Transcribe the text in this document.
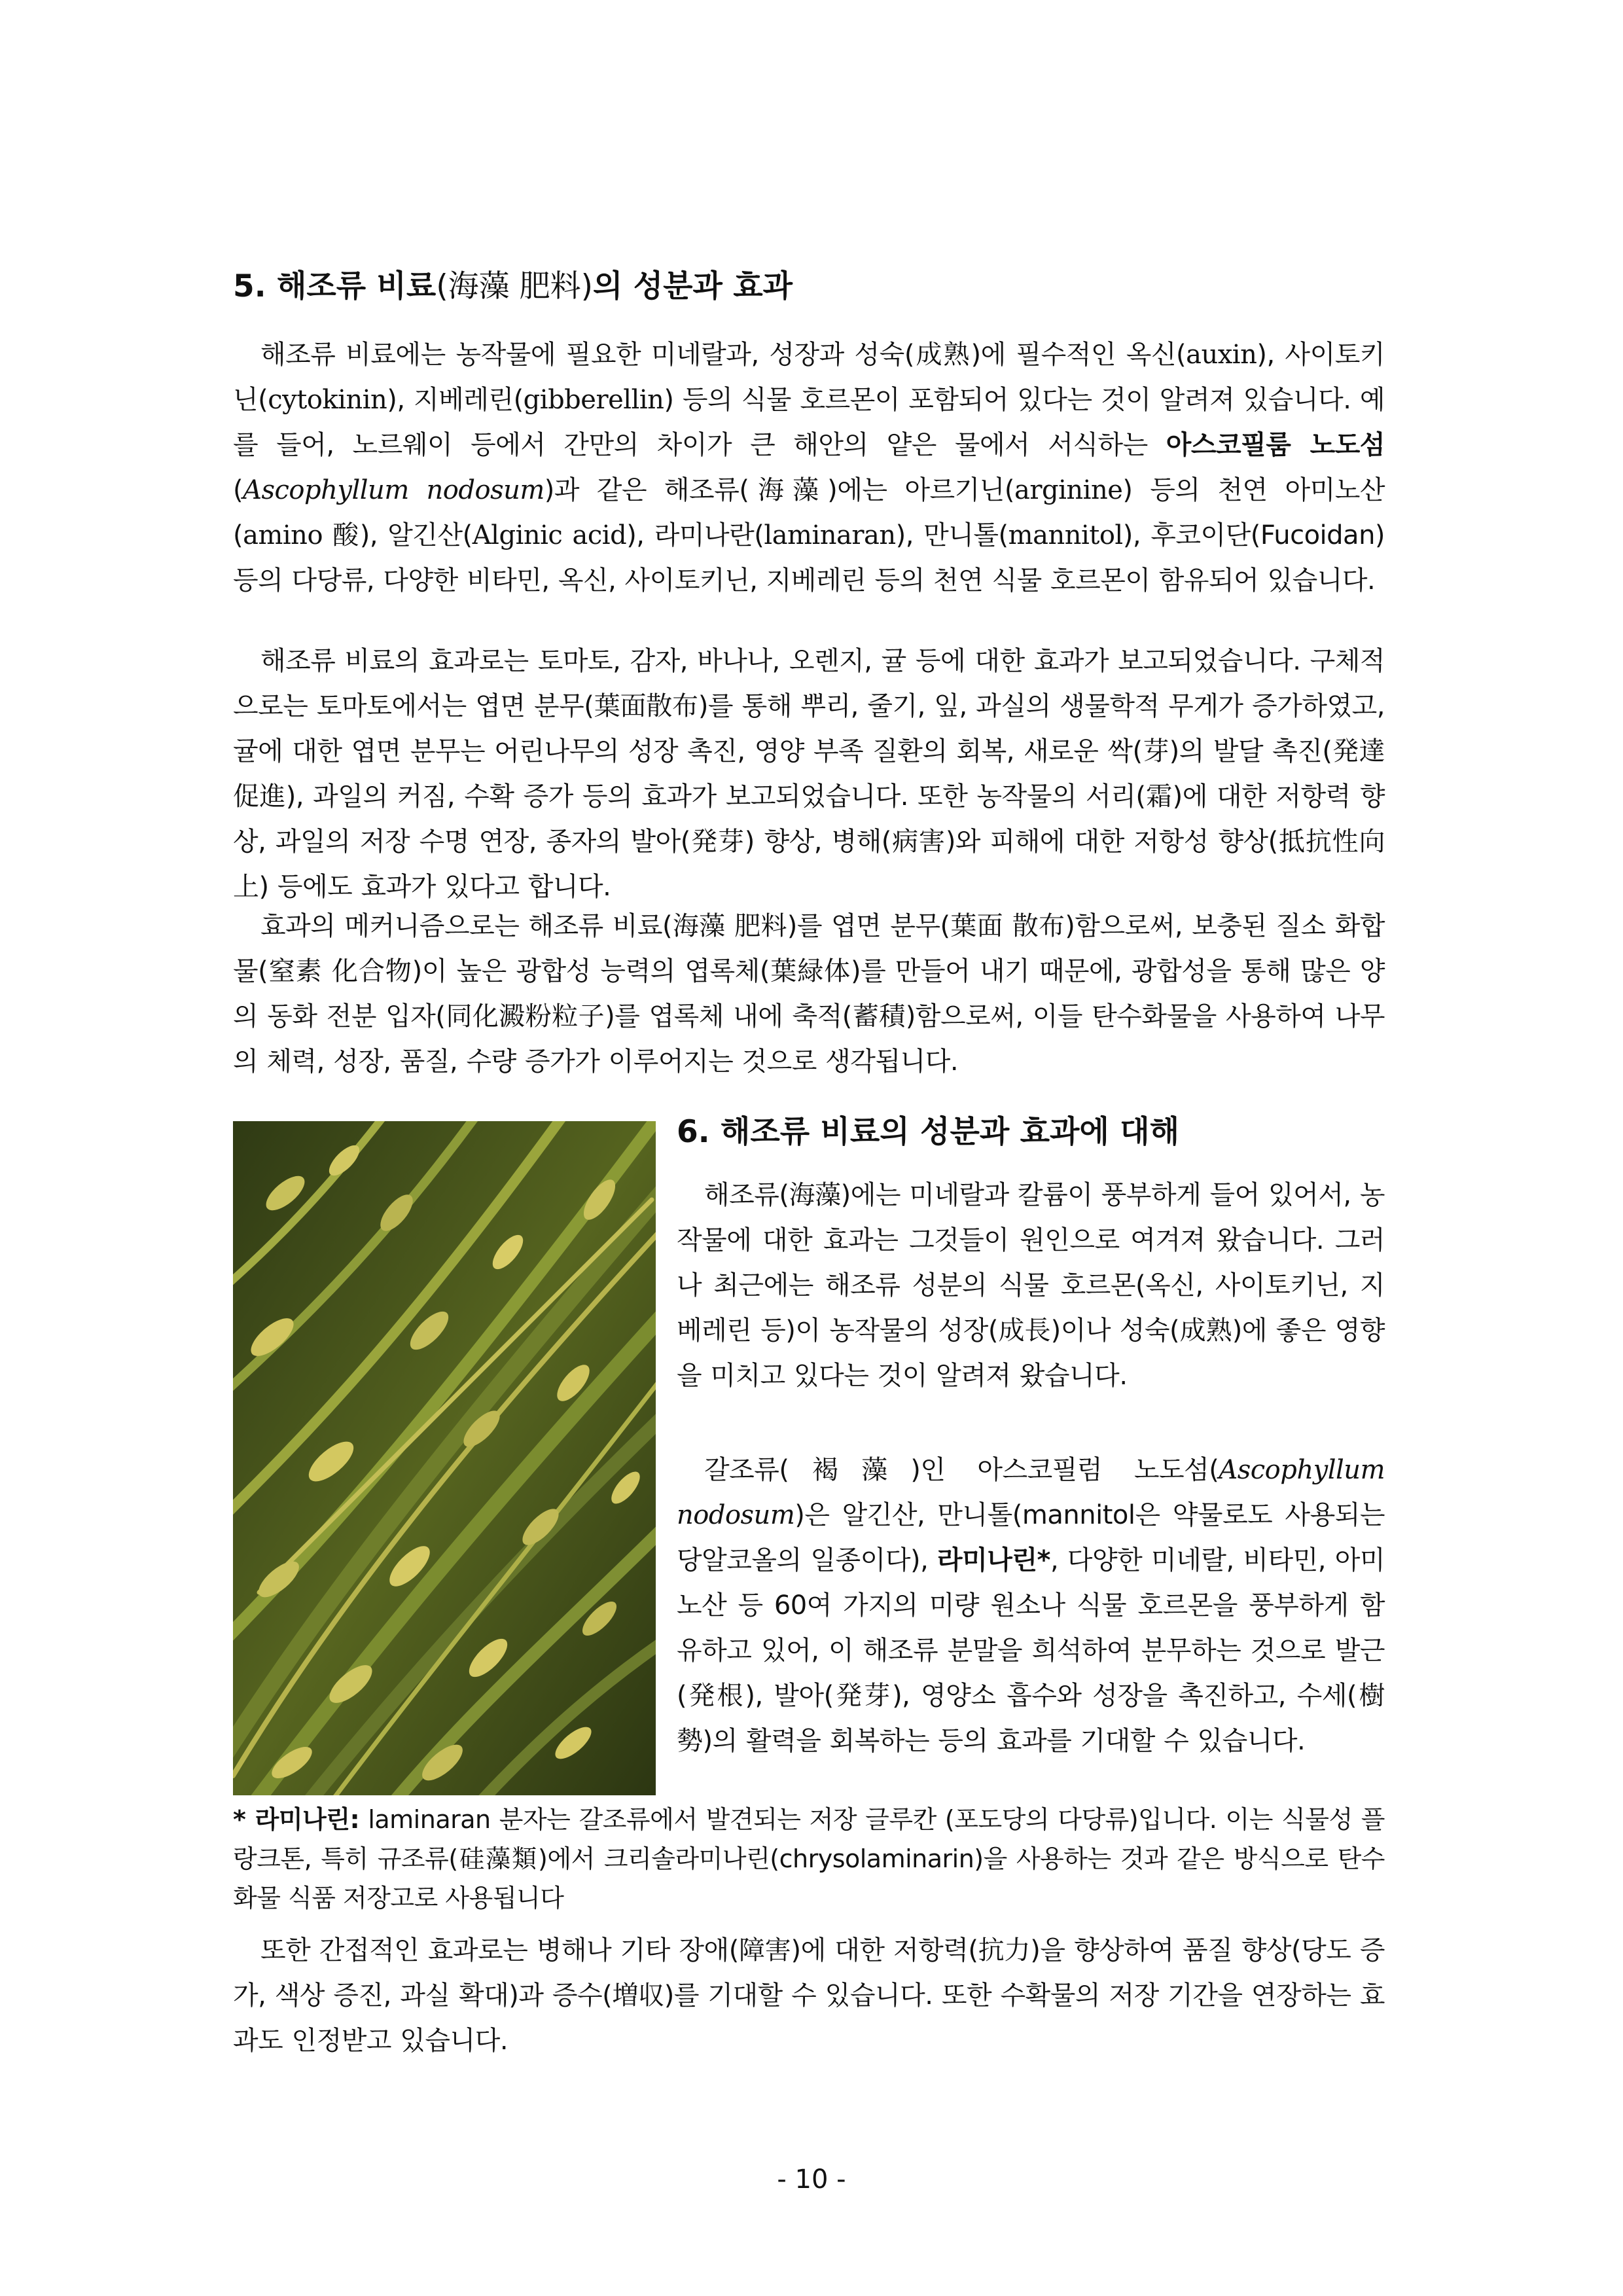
5. 해조류 비료(海藻 肥料)의 성분과 효과

해조류 비료에는 농작물에 필요한 미네랄과, 성장과 성숙(成熟)에 필수적인 옥신(auxin), 사이토키닌(cytokinin), 지베레린(gibberellin) 등의 식물 호르몬이 포함되어 있다는 것이 알려져 있습니다. 예를 들어, 노르웨이 등에서 간만의 차이가 큰 해안의 얕은 물에서 서식하는 아스코필룸 노도섬(Ascophyllum nodosum)과 같은 해조류(海藻)에는 아르기닌(arginine) 등의 천연 아미노산(amino 酸), 알긴산(Alginic acid), 라미나란(laminaran), 만니톨(mannitol), 후코이단(Fucoidan) 등의 다당류, 다양한 비타민, 옥신, 사이토키닌, 지베레린 등의 천연 식물 호르몬이 함유되어 있습니다.

해조류 비료의 효과로는 토마토, 감자, 바나나, 오렌지, 귤 등에 대한 효과가 보고되었습니다. 구체적으로는 토마토에서는 엽면 분무(葉面散布)를 통해 뿌리, 줄기, 잎, 과실의 생물학적 무게가 증가하였고, 귤에 대한 엽면 분무는 어린나무의 성장 촉진, 영양 부족 질환의 회복, 새로운 싹(芽)의 발달 촉진(発達 促進), 과일의 커짐, 수확 증가 등의 효과가 보고되었습니다. 또한 농작물의 서리(霜)에 대한 저항력 향상, 과일의 저장 수명 연장, 종자의 발아(発芽) 향상, 병해(病害)와 피해에 대한 저항성 향상(抵抗性向上) 등에도 효과가 있다고 합니다.

효과의 메커니즘으로는 해조류 비료(海藻 肥料)를 엽면 분무(葉面 散布)함으로써, 보충된 질소 화합물(窒素 化合物)이 높은 광합성 능력의 엽록체(葉緑体)를 만들어 내기 때문에, 광합성을 통해 많은 양의 동화 전분 입자(同化澱粉粒子)를 엽록체 내에 축적(蓄積)함으로써, 이들 탄수화물을 사용하여 나무의 체력, 성장, 품질, 수량 증가가 이루어지는 것으로 생각됩니다.

6. 해조류 비료의 성분과 효과에 대해

해조류(海藻)에는 미네랄과 칼륨이 풍부하게 들어 있어서, 농작물에 대한 효과는 그것들이 원인으로 여겨져 왔습니다. 그러나 최근에는 해조류 성분의 식물 호르몬(옥신, 사이토키닌, 지베레린 등)이 농작물의 성장(成長)이나 성숙(成熟)에 좋은 영향을 미치고 있다는 것이 알려져 왔습니다.

갈조류(褐藻)인 아스코필럼 노도섬(Ascophyllum nodosum)은 알긴산, 만니톨(mannitol은 약물로도 사용되는 당알코올의 일종이다), 라미나린*, 다양한 미네랄, 비타민, 아미노산 등 60여 가지의 미량 원소나 식물 호르몬을 풍부하게 함유하고 있어, 이 해조류 분말을 희석하여 분무하는 것으로 발근(発根), 발아(発芽), 영양소 흡수와 성장을 촉진하고, 수세(樹勢)의 활력을 회복하는 등의 효과를 기대할 수 있습니다.

* 라미나린: laminaran 분자는 갈조류에서 발견되는 저장 글루칸 (포도당의 다당류)입니다. 이는 식물성 플랑크톤, 특히 규조류(硅藻類)에서 크리솔라미나린(chrysolaminarin)을 사용하는 것과 같은 방식으로 탄수화물 식품 저장고로 사용됩니다

또한 간접적인 효과로는 병해나 기타 장애(障害)에 대한 저항력(抗力)을 향상하여 품질 향상(당도 증가, 색상 증진, 과실 확대)과 증수(増収)를 기대할 수 있습니다. 또한 수확물의 저장 기간을 연장하는 효과도 인정받고 있습니다.

- 10 -
